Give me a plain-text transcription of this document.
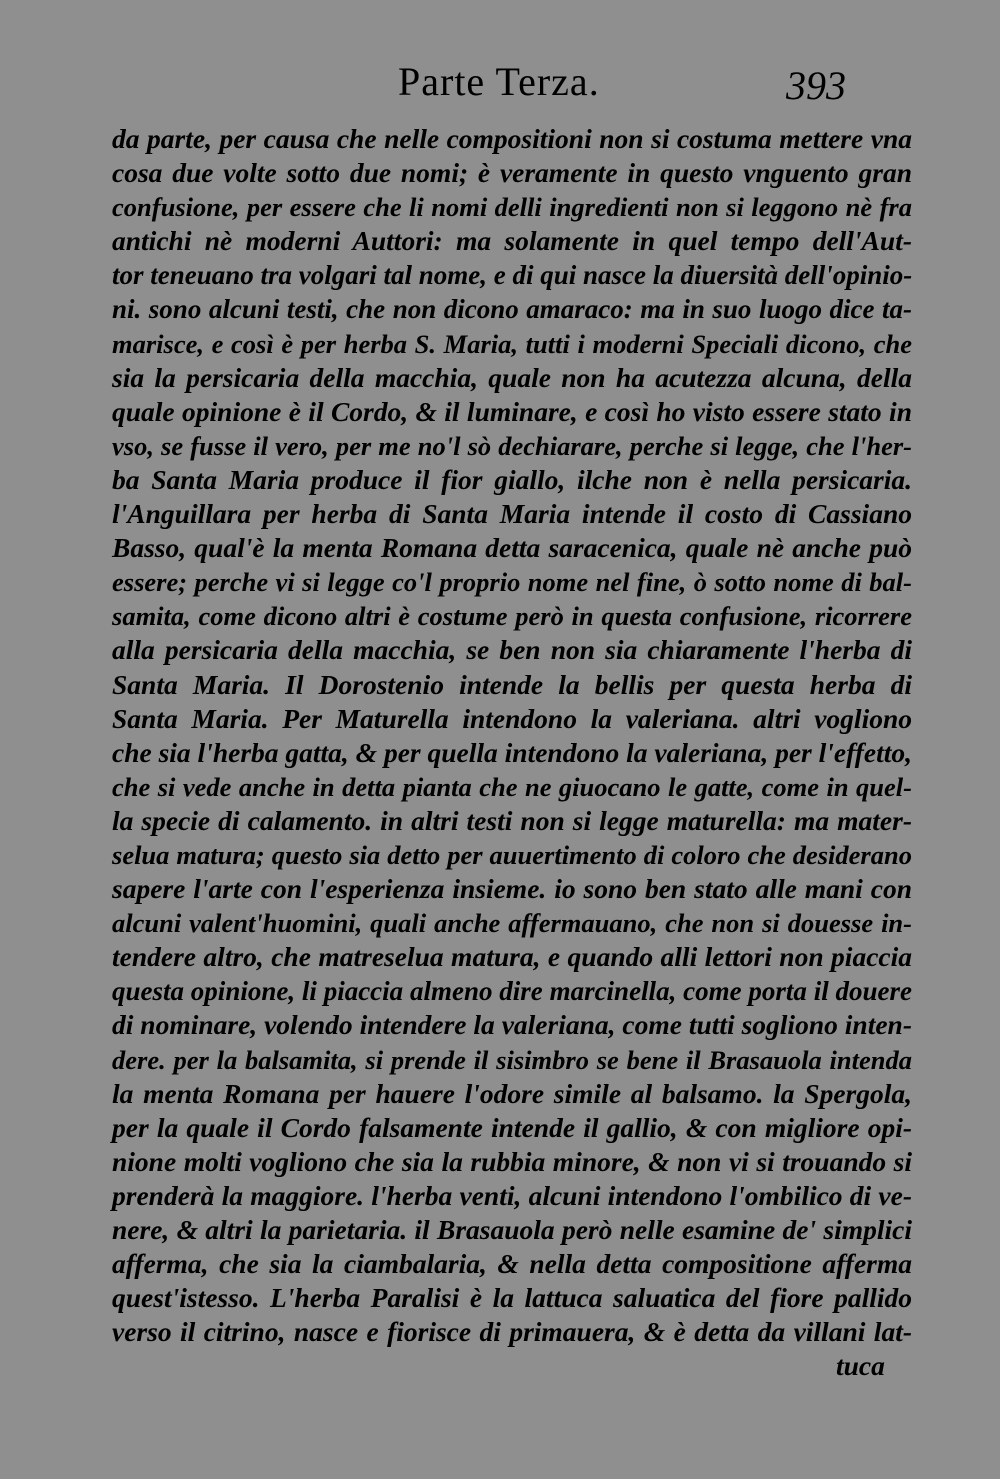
Parte Terza.	393
da parte, per causa che nelle compositioni non si costuma mettere vna
cosa due volte sotto due nomi; è veramente in questo vnguento gran
confusione, per essere che li nomi delli ingredienti non si leggono nè fra
antichi nè moderni Auttori: ma solamente in quel tempo dell'Aut-
tor teneuano tra volgari tal nome, e di qui nasce la diuersità dell'opinio-
ni. sono alcuni testi, che non dicono amaraco: ma in suo luogo dice ta-
marisce, e così è per herba S. Maria, tutti i moderni Speciali dicono, che
sia la persicaria della macchia, quale non ha acutezza alcuna, della
quale opinione è il Cordo, & il luminare, e così ho visto essere stato in
vso, se fusse il vero, per me no'l sò dechiarare, perche si legge, che l'her-
ba Santa Maria produce il fior giallo, ilche non è nella persicaria.
l'Anguillara per herba di Santa Maria intende il costo di Cassiano
Basso, qual'è la menta Romana detta saracenica, quale nè anche può
essere; perche vi si legge co'l proprio nome nel fine, ò sotto nome di bal-
samita, come dicono altri è costume però in questa confusione, ricorrere
alla persicaria della macchia, se ben non sia chiaramente l'herba di
Santa Maria. Il Dorostenio intende la bellis per questa herba di
Santa Maria. Per Maturella intendono la valeriana. altri vogliono
che sia l'herba gatta, & per quella intendono la valeriana, per l'effetto,
che si vede anche in detta pianta che ne giuocano le gatte, come in quel-
la specie di calamento. in altri testi non si legge maturella: ma mater-
selua matura; questo sia detto per auuertimento di coloro che desiderano
sapere l'arte con l'esperienza insieme. io sono ben stato alle mani con
alcuni valent'huomini, quali anche affermauano, che non si douesse in-
tendere altro, che matreselua matura, e quando alli lettori non piaccia
questa opinione, li piaccia almeno dire marcinella, come porta il douere
di nominare, volendo intendere la valeriana, come tutti sogliono inten-
dere. per la balsamita, si prende il sisimbro se bene il Brasauola intenda
la menta Romana per hauere l'odore simile al balsamo. la Spergola,
per la quale il Cordo falsamente intende il gallio, & con migliore opi-
nione molti vogliono che sia la rubbia minore, & non vi si trouando si
prenderà la maggiore. l'herba venti, alcuni intendono l'ombilico di ve-
nere, & altri la parietaria. il Brasauola però nelle esamine de' simplici
afferma, che sia la ciambalaria, & nella detta compositione afferma
quest'istesso. L'herba Paralisi è la lattuca saluatica del fiore pallido
verso il citrino, nasce e fiorisce di primauera, & è detta da villani lat-
tuca
